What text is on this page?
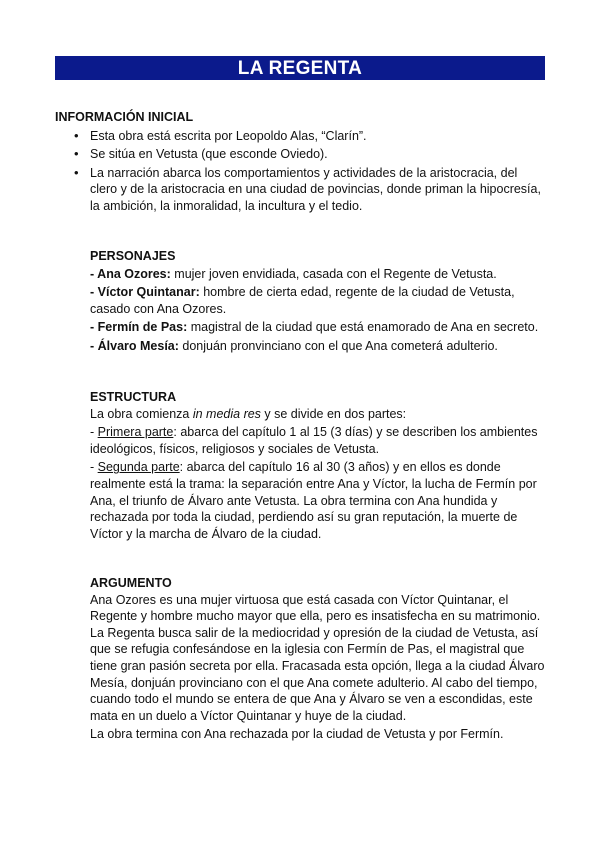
LA REGENTA
INFORMACIÓN INICIAL
• Esta obra está escrita por Leopoldo Alas, “Clarín”.
• Se sitúa en Vetusta (que esconde Oviedo).
• La narración abarca los comportamientos y actividades de la aristocracia, del clero y de la aristocracia en una ciudad de povincias, donde priman la hipocresía, la ambición, la inmoralidad, la incultura y el tedio.
PERSONAJES
- Ana Ozores: mujer joven envidiada, casada con el Regente de Vetusta.
- Víctor Quintanar: hombre de cierta edad, regente de la ciudad de Vetusta, casado con Ana Ozores.
- Fermín de Pas: magistral de la ciudad que está enamorado de Ana en secreto.
- Álvaro Mesía: donjuán pronvinciano con el que Ana cometerá adulterio.
ESTRUCTURA

La obra comienza in media res y se divide en dos partes:

- Primera parte: abarca del capítulo 1 al 15 (3 días) y se describen los ambientes ideológicos, físicos, religiosos y sociales de Vetusta.

- Segunda parte: abarca del capítulo 16 al 30 (3 años) y en ellos es donde realmente está la trama: la separación entre Ana y Víctor, la lucha de Fermín por Ana, el triunfo de Álvaro ante Vetusta. La obra termina con Ana hundida y rechazada por toda la ciudad, perdiendo así su gran reputación, la muerte de Víctor y la marcha de Álvaro de la ciudad.

ARGUMENTO

Ana Ozores es una mujer virtuosa que está casada con Víctor Quintanar, el Regente y hombre mucho mayor que ella, pero es insatisfecha en su matrimonio. La Regenta busca salir de la mediocridad y opresión de la ciudad de Vetusta, así que se refugia confesándose en la iglesia con Fermín de Pas, el magistral que tiene gran pasión secreta por ella. Fracasada esta opción, llega a la ciudad Álvaro Mesía, donjuán provinciano con el que Ana comete adulterio. Al cabo del tiempo, cuando todo el mundo se entera de que Ana y Álvaro se ven a escondidas, este mata en un duelo a Víctor Quintanar y huye de la ciudad.

La obra termina con Ana rechazada por la ciudad de Vetusta y por Fermín.
